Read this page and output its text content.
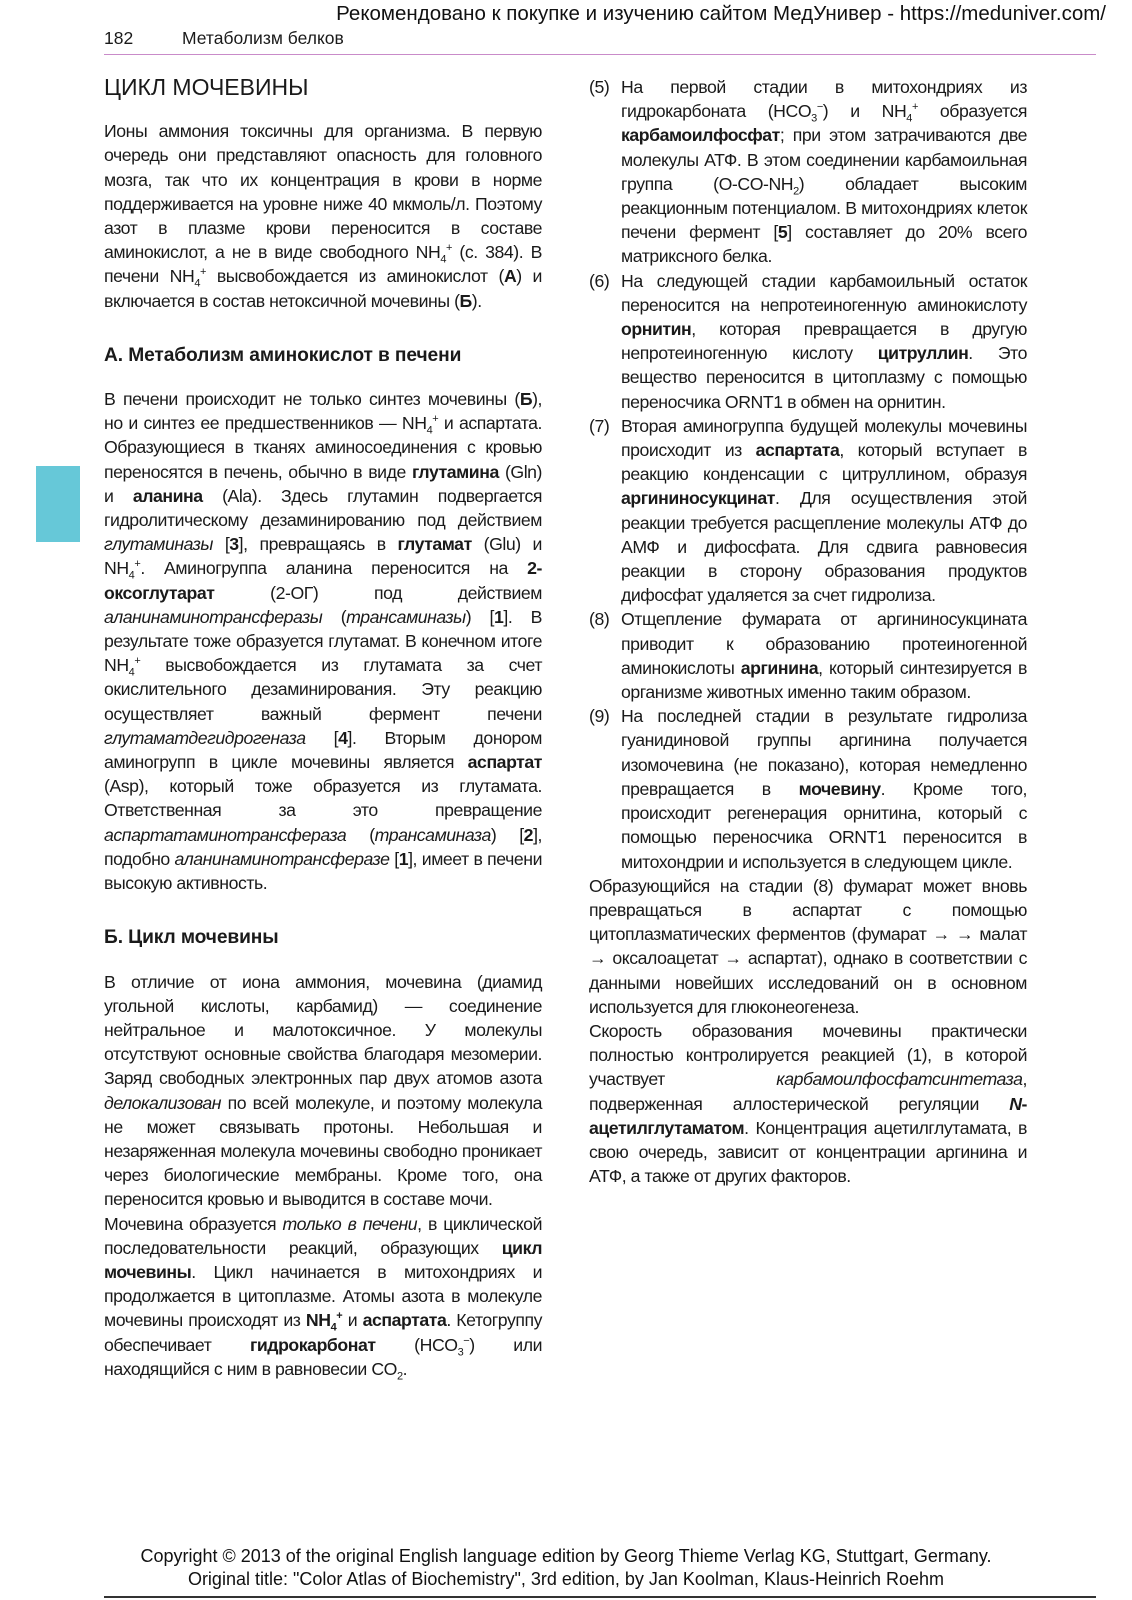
Рекомендовано к покупке и изучению сайтом МедУнивер - https://meduniver.com/
182	Метаболизм белков
ЦИКЛ МОЧЕВИНЫ

Ионы аммония токсичны для организма. В первую очередь они представляют опасность для головного мозга, так что их концентрация в крови в норме поддерживается на уровне ниже 40 мкмоль/л. Поэтому азот в плазме крови переносится в составе аминокислот, а не в виде свободного $NH_4^+$ (с. 384). В печени $NH_4^+$ высвобождается из аминокислот (А) и включается в состав нетоксичной мочевины (Б).

А. Метаболизм аминокислот в печени

В печени происходит не только синтез мочевины (Б), но и синтез ее предшественников — $NH_4^+$ и аспартата. Образующиеся в тканях аминосоединения с кровью переносятся в печень, обычно в виде глутамина (Gln) и аланина (Ala). Здесь глутамин подвергается гидролитическому дезаминированию под действием глутаминазы [3], превращаясь в глутамат (Glu) и $NH_4^+$. Аминогруппа аланина переносится на 2-оксоглутарат (2-ОГ) под действием аланинаминотрансферазы (трансаминазы) [1]. В результате тоже образуется глутамат. В конечном итоге $NH_4^+$ высвобождается из глутамата за счет окислительного дезаминирования. Эту реакцию осуществляет важный фермент печени глутаматдегидрогеназа [4]. Вторым донором аминогрупп в цикле мочевины является аспартат (Asp), который тоже образуется из глутамата. Ответственная за это превращение аспартатаминотрансфераза (трансаминаза) [2], подобно аланинаминотрансферазе [1], имеет в печени высокую активность.

Б. Цикл мочевины

В отличие от иона аммония, мочевина (диамид угольной кислоты, карбамид) — соединение нейтральное и малотоксичное. У молекулы отсутствуют основные свойства благодаря мезомерии. Заряд свободных электронных пар двух атомов азота делокализован по всей молекуле, и поэтому молекула не может связывать протоны. Небольшая и незаряженная молекула мочевины свободно проникает через биологические мембраны. Кроме того, она переносится кровью и выводится в составе мочи.

Мочевина образуется только в печени, в циклической последовательности реакций, образующих цикл мочевины. Цикл начинается в митохондриях и продолжается в цитоплазме. Атомы азота в молекуле мочевины происходят из $NH_4^+$ и аспартата. Кетогруппу обеспечивает гидрокарбонат $(HCO_3^-)$ или находящийся с ним в равновесии $CO_2$.

(5) На первой стадии в митохондриях из гидрокарбоната $(HCO_3^-)$ и $NH_4^+$ образуется карбамоилфосфат; при этом затрачиваются две молекулы АТФ. В этом соединении карбамоильная группа $(O-CO-NH_2)$ обладает высоким реакционным потенциалом. В митохондриях клеток печени фермент [5] составляет до 20% всего матриксного белка.
(6) На следующей стадии карбамоильный остаток переносится на непротеиногенную аминокислоту орнитин, которая превращается в другую непротеиногенную кислоту цитруллин. Это вещество переносится в цитоплазму с помощью переносчика ORNT1 в обмен на орнитин.
(7) Вторая аминогруппа будущей молекулы мочевины происходит из аспартата, который вступает в реакцию конденсации с цитруллином, образуя аргининосукцинат. Для осуществления этой реакции требуется расщепление молекулы АТФ до АМФ и дифосфата. Для сдвига равновесия реакции в сторону образования продуктов дифосфат удаляется за счет гидролиза.
(8) Отщепление фумарата от аргининосукцината приводит к образованию протеиногенной аминокислоты аргинина, который синтезируется в организме животных именно таким образом.
(9) На последней стадии в результате гидролиза гуанидиновой группы аргинина получается изомочевина (не показано), которая немедленно превращается в мочевину. Кроме того, происходит регенерация орнитина, который с помощью переносчика ORNT1 переносится в митохондрии и используется в следующем цикле.

Образующийся на стадии (8) фумарат может вновь превращаться в аспартат с помощью цитоплазматических ферментов (фумарат → → малат → оксалоацетат → аспартат), однако в соответствии с данными новейших исследований он в основном используется для глюконеогенеза.

Скорость образования мочевины практически полностью контролируется реакцией (1), в которой участвует карбамоилфосфатсинтетаза, подверженная аллостерической регуляции N-ацетилглутаматом. Концентрация ацетилглутамата, в свою очередь, зависит от концентрации аргинина и АТФ, а также от других факторов.

Copyright © 2013 of the original English language edition by Georg Thieme Verlag KG, Stuttgart, Germany.
Original title: "Color Atlas of Biochemistry", 3rd edition, by Jan Koolman, Klaus-Heinrich Roehm
